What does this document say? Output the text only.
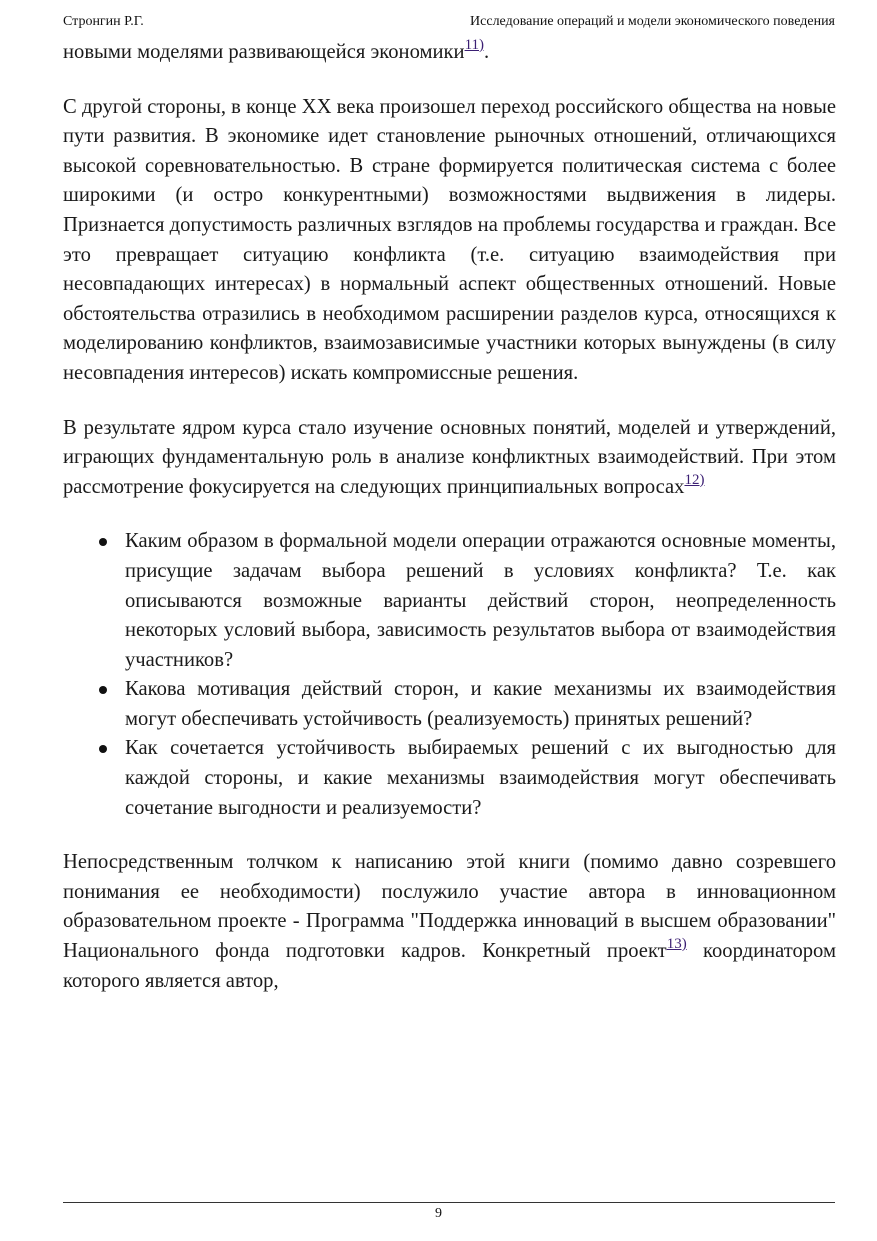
Стронгин Р.Г.	Исследование операций и модели экономического поведения

новыми моделями развивающейся экономики$^{11)}$.

С другой стороны, в конце XX века произошел переход российского общества на новые пути развития. В экономике идет становление рыночных отношений, отличающихся высокой соревновательностью. В стране формируется политическая система с более широкими (и остро конкурентными) возможностями выдвижения в лидеры. Признается допустимость различных взглядов на проблемы государства и граждан. Все это превращает ситуацию конфликта (т.е. ситуацию взаимодействия при несовпадающих интересах) в нормальный аспект общественных отношений. Новые обстоятельства отразились в необходимом расширении разделов курса, относящихся к моделированию конфликтов, взаимозависимые участники которых вынуждены (в силу несовпадения интересов) искать компромиссные решения.

В результате ядром курса стало изучение основных понятий, моделей и утверждений, играющих фундаментальную роль в анализе конфликтных взаимодействий. При этом рассмотрение фокусируется на следующих принципиальных вопросах$^{12)}$

Каким образом в формальной модели операции отражаются основные моменты, присущие задачам выбора решений в условиях конфликта? Т.е. как описываются возможные варианты действий сторон, неопределенность некоторых условий выбора, зависимость результатов выбора от взаимодействия участников?
Какова мотивация действий сторон, и какие механизмы их взаимодействия могут обеспечивать устойчивость (реализуемость) принятых решений?
Как сочетается устойчивость выбираемых решений с их выгодностью для каждой стороны, и какие механизмы взаимодействия могут обеспечивать сочетание выгодности и реализуемости?

Непосредственным толчком к написанию этой книги (помимо давно созревшего понимания ее необходимости) послужило участие автора в инновационном образовательном проекте - Программа "Поддержка инноваций в высшем образовании" Национального фонда подготовки кадров. Конкретный проект$^{13)}$ координатором которого является автор,

9
